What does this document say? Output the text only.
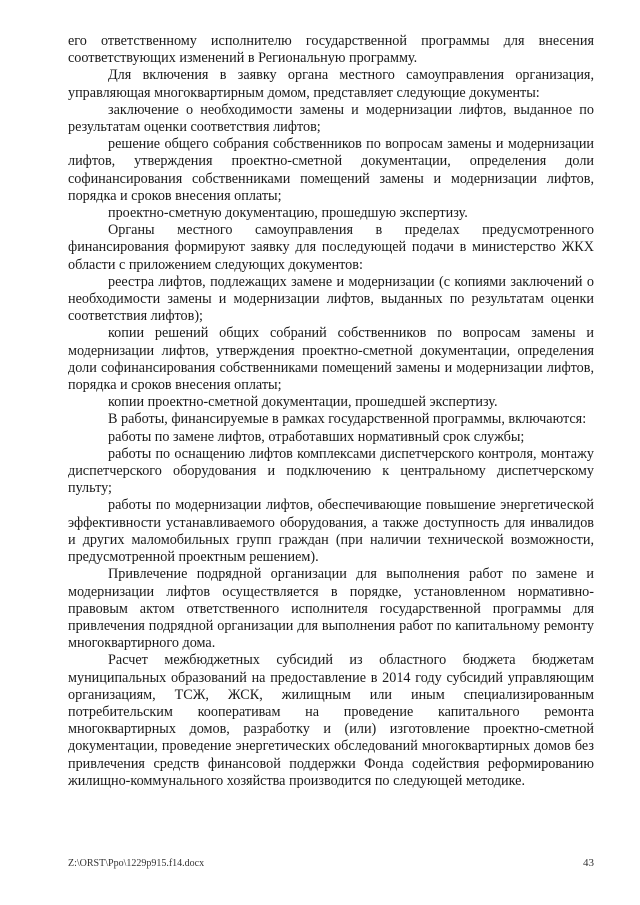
его ответственному исполнителю государственной программы для внесения соответствующих изменений в Региональную программу.

Для включения в заявку органа местного самоуправления организация, управляющая многоквартирным домом, представляет следующие документы:

заключение о необходимости замены и модернизации лифтов, выданное по результатам оценки соответствия лифтов;

решение общего собрания собственников по вопросам замены и модернизации лифтов, утверждения проектно-сметной документации, определения доли софинансирования собственниками помещений замены и модернизации лифтов, порядка и сроков внесения оплаты;

проектно-сметную документацию, прошедшую экспертизу.

Органы местного самоуправления в пределах предусмотренного финансирования формируют заявку для последующей подачи в министерство ЖКХ области с приложением следующих документов:

реестра лифтов, подлежащих замене и модернизации (с копиями заключений о необходимости замены и модернизации лифтов, выданных по результатам оценки соответствия лифтов);

копии решений общих собраний собственников по вопросам замены и модернизации лифтов, утверждения проектно-сметной документации, определения доли софинансирования собственниками помещений замены и модернизации лифтов, порядка и сроков внесения оплаты;

копии проектно-сметной документации, прошедшей экспертизу.

В работы, финансируемые в рамках государственной программы, включаются:

работы по замене лифтов, отработавших нормативный срок службы;

работы по оснащению лифтов комплексами диспетчерского контроля, монтажу диспетчерского оборудования и подключению к центральному диспетчерскому пульту;

работы по модернизации лифтов, обеспечивающие повышение энергетической эффективности устанавливаемого оборудования, а также доступность для инвалидов и других маломобильных групп граждан (при наличии технической возможности, предусмотренной проектным решением).

Привлечение подрядной организации для выполнения работ по замене и модернизации лифтов осуществляется в порядке, установленном нормативно-правовым актом ответственного исполнителя государственной программы для привлечения подрядной организации для выполнения работ по капитальному ремонту многоквартирного дома.

Расчет межбюджетных субсидий из областного бюджета бюджетам муниципальных образований на предоставление в 2014 году субсидий управляющим организациям, ТСЖ, ЖСК, жилищным или иным специализированным потребительским кооперативам на проведение капитального ремонта многоквартирных домов, разработку и (или) изготовление проектно-сметной документации, проведение энергетических обследований многоквартирных домов без привлечения средств финансовой поддержки Фонда содействия реформированию жилищно-коммунального хозяйства производится по следующей методике.

Z:\ORST\Ppo\1229p915.f14.docx	43
